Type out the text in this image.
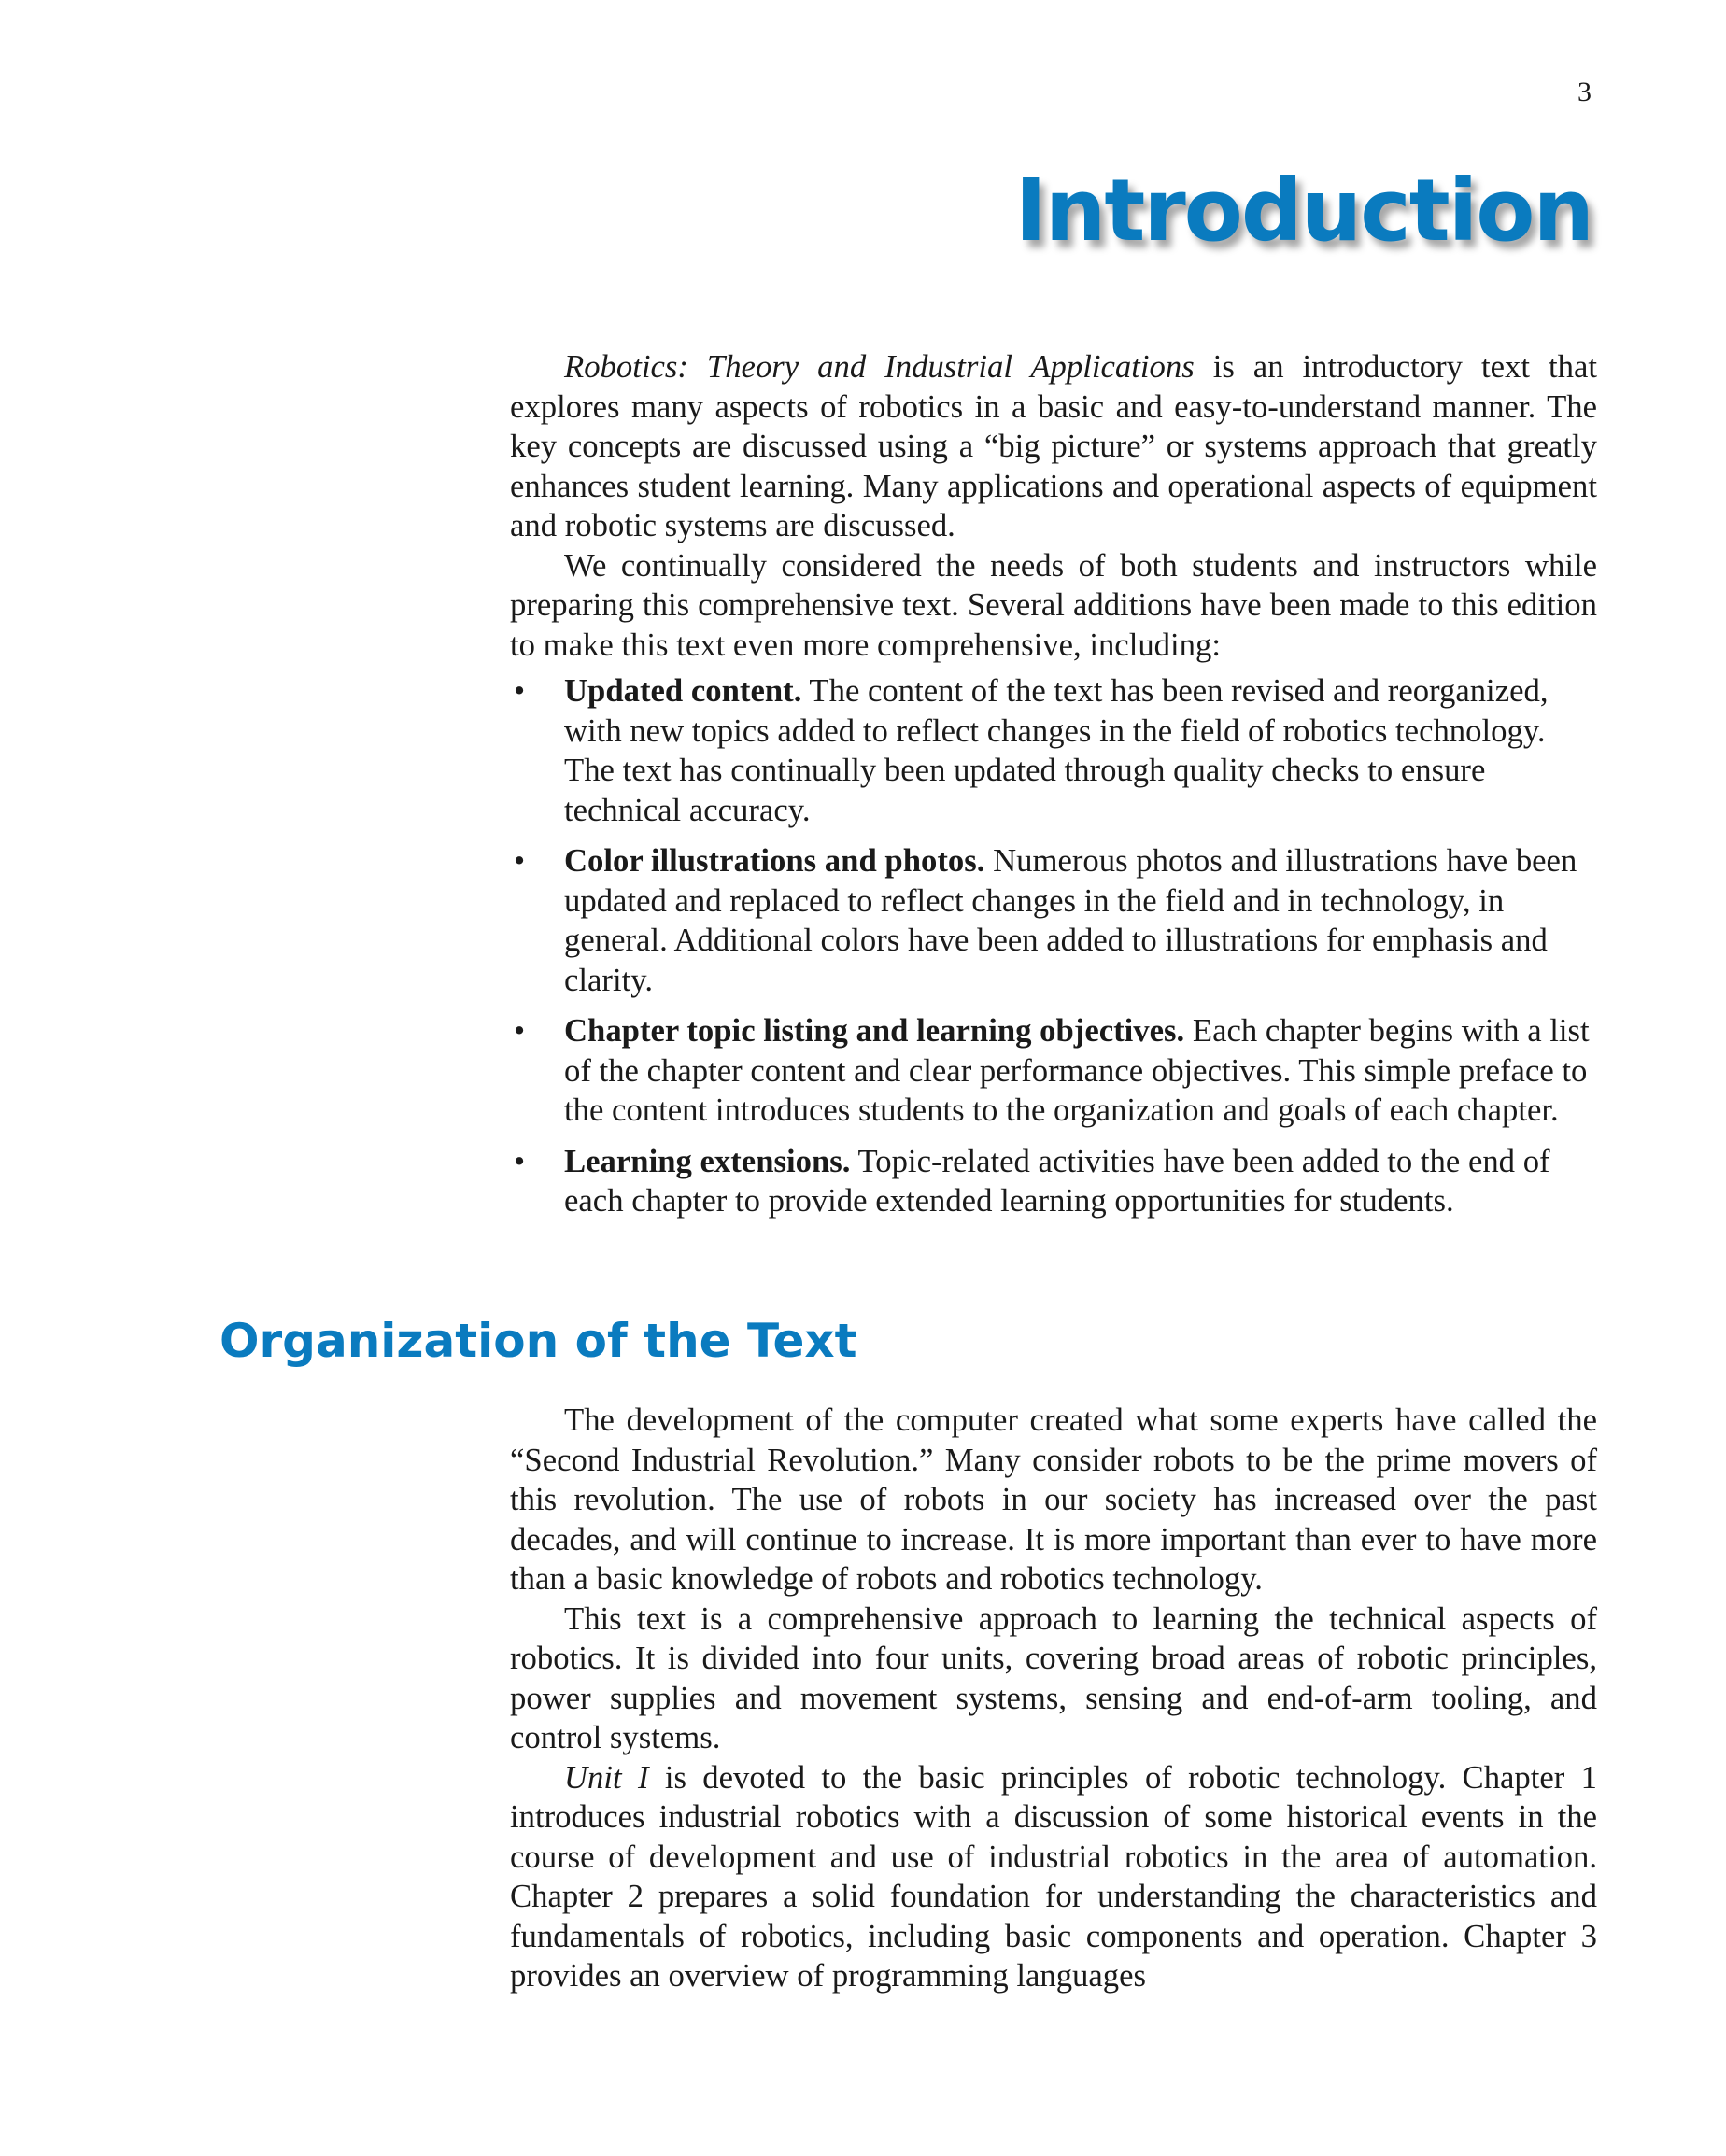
3
Introduction

Robotics: Theory and Industrial Applications is an introductory text that explores many aspects of robotics in a basic and easy-to-understand manner. The key concepts are discussed using a “big picture” or systems approach that greatly enhances student learning. Many applications and operational aspects of equipment and robotic systems are discussed.

We continually considered the needs of both students and instructors while preparing this comprehensive text. Several additions have been made to this edition to make this text even more comprehensive, including:

• Updated content. The content of the text has been revised and reorganized, with new topics added to reflect changes in the field of robotics technology. The text has continually been updated through quality checks to ensure technical accuracy.
• Color illustrations and photos. Numerous photos and illustrations have been updated and replaced to reflect changes in the field and in technology, in general. Additional colors have been added to illustrations for emphasis and clarity.
• Chapter topic listing and learning objectives. Each chapter begins with a list of the chapter content and clear performance objectives. This simple preface to the content introduces students to the organization and goals of each chapter.
• Learning extensions. Topic-related activities have been added to the end of each chapter to provide extended learning opportunities for students.
Organization of the Text

The development of the computer created what some experts have called the “Second Industrial Revolution.” Many consider robots to be the prime movers of this revolution. The use of robots in our society has increased over the past decades, and will continue to increase. It is more important than ever to have more than a basic knowledge of robots and robotics technology.

This text is a comprehensive approach to learning the technical aspects of robotics. It is divided into four units, covering broad areas of robotic principles, power supplies and movement systems, sensing and end-of-arm tooling, and control systems.

Unit I is devoted to the basic principles of robotic technology. Chapter 1 introduces industrial robotics with a discussion of some historical events in the course of development and use of industrial robotics in the area of automation. Chapter 2 prepares a solid foundation for understanding the characteristics and fundamentals of robotics, including basic components and operation. Chapter 3 provides an overview of programming languages
